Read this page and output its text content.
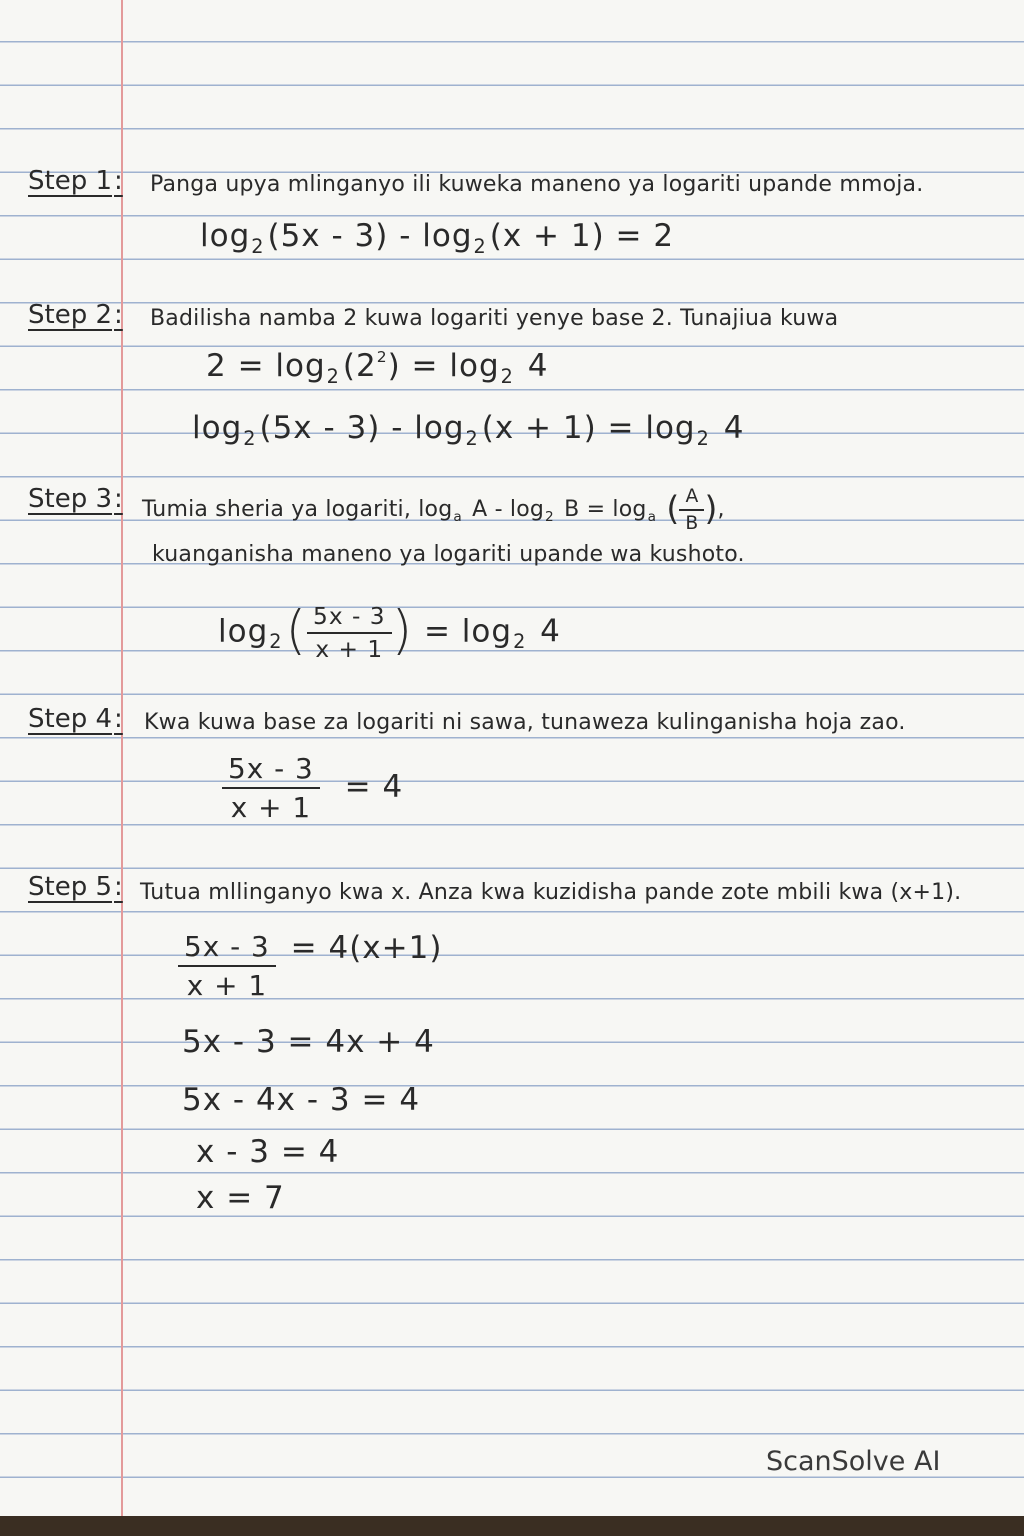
Step 1 :	Panga upya mlinganyo ili kuweka maneno ya logariti upande mmoja.
$\log_2(5x - 3) - \log_2(x + 1) = 2$
Step 2 :	Badilisha namba 2 kuwa logariti yenye base 2. Tunajiua kuwa
$2 = \log_2(2^2) = \log_2 4$
$\log_2(5x - 3) - \log_2(x + 1) = \log_2 4$
Step 3 :	Tumia sheria ya logariti, $\log_a A - \log_2 B = \log_a$ ( $\frac{A}{B}$ ),
kuanganisha maneno ya logariti upande wa kushoto.
$\log_2( \frac{5x - 3}{x + 1}$ ) = $\log_2 4$
Step 4 :	Kwa kuwa base za logariti ni sawa, tunaweza kulinganisha hoja zao.
$\frac{5x - 3}{x + 1} = 4$
Step 5 :	Tutua mllinganyo kwa x. Anza kwa kuzidisha pande zote mbili kwa (x+1).
$\frac{5x - 3}{x + 1} = 4(x+1)$
5x - 3 = 4x + 4
5x - 4x - 3 = 4
x - 3 = 4
x = 7
ScanSolve AI
